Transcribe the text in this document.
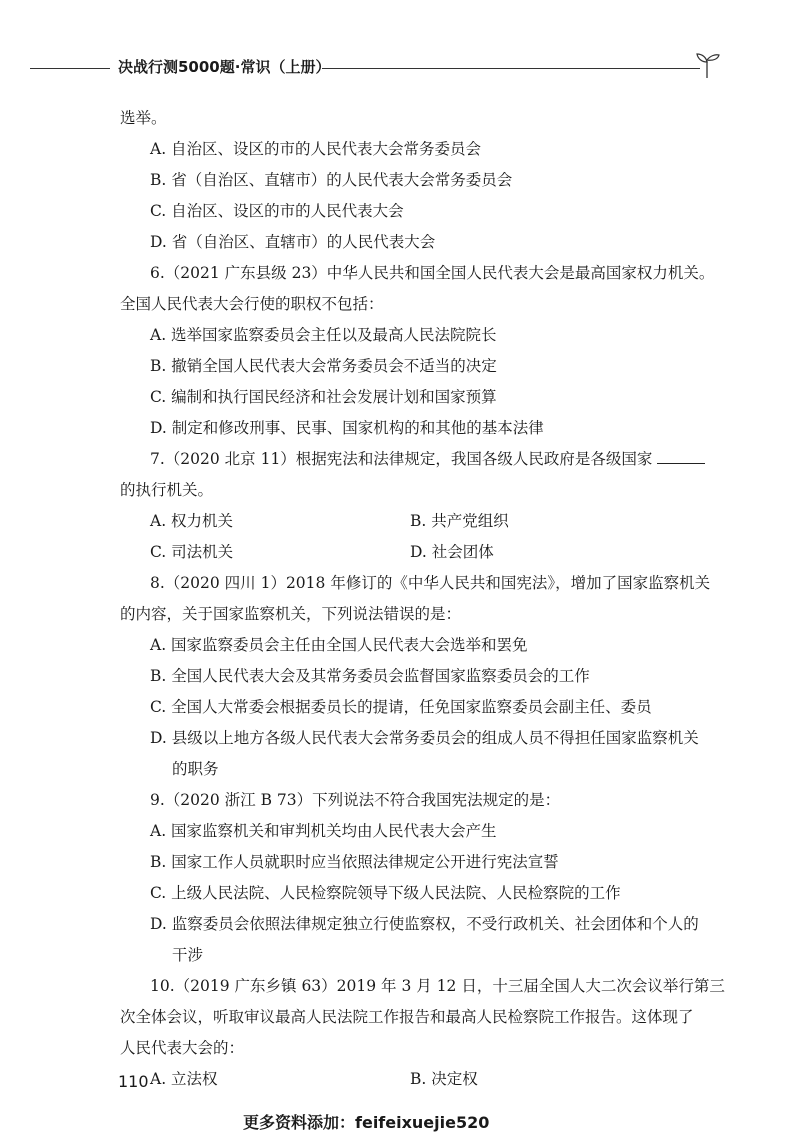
决战行测5000题·常识（上册）
选举。
A. 自治区、设区的市的人民代表大会常务委员会
B. 省（自治区、直辖市）的人民代表大会常务委员会
C. 自治区、设区的市的人民代表大会
D. 省（自治区、直辖市）的人民代表大会
6.（2021 广东县级 23）中华人民共和国全国人民代表大会是最高国家权力机关。
全国人民代表大会行使的职权不包括：
A. 选举国家监察委员会主任以及最高人民法院院长
B. 撤销全国人民代表大会常务委员会不适当的决定
C. 编制和执行国民经济和社会发展计划和国家预算
D. 制定和修改刑事、民事、国家机构的和其他的基本法律
7.（2020 北京 11）根据宪法和法律规定，我国各级人民政府是各级国家
的执行机关。
A. 权力机关	B. 共产党组织
C. 司法机关	D. 社会团体
8.（2020 四川 1）2018 年修订的《中华人民共和国宪法》，增加了国家监察机关
的内容，关于国家监察机关，下列说法错误的是：
A. 国家监察委员会主任由全国人民代表大会选举和罢免
B. 全国人民代表大会及其常务委员会监督国家监察委员会的工作
C. 全国人大常委会根据委员长的提请，任免国家监察委员会副主任、委员
D. 县级以上地方各级人民代表大会常务委员会的组成人员不得担任国家监察机关
的职务
9.（2020 浙江 B 73）下列说法不符合我国宪法规定的是：
A. 国家监察机关和审判机关均由人民代表大会产生
B. 国家工作人员就职时应当依照法律规定公开进行宪法宣誓
C. 上级人民法院、人民检察院领导下级人民法院、人民检察院的工作
D. 监察委员会依照法律规定独立行使监察权，不受行政机关、社会团体和个人的
干涉
10.（2019 广东乡镇 63）2019 年 3 月 12 日，十三届全国人大二次会议举行第三
次全体会议，听取审议最高人民法院工作报告和最高人民检察院工作报告。这体现了
人民代表大会的：
A. 立法权	B. 决定权
110
更多资料添加：feifeixuejie520
